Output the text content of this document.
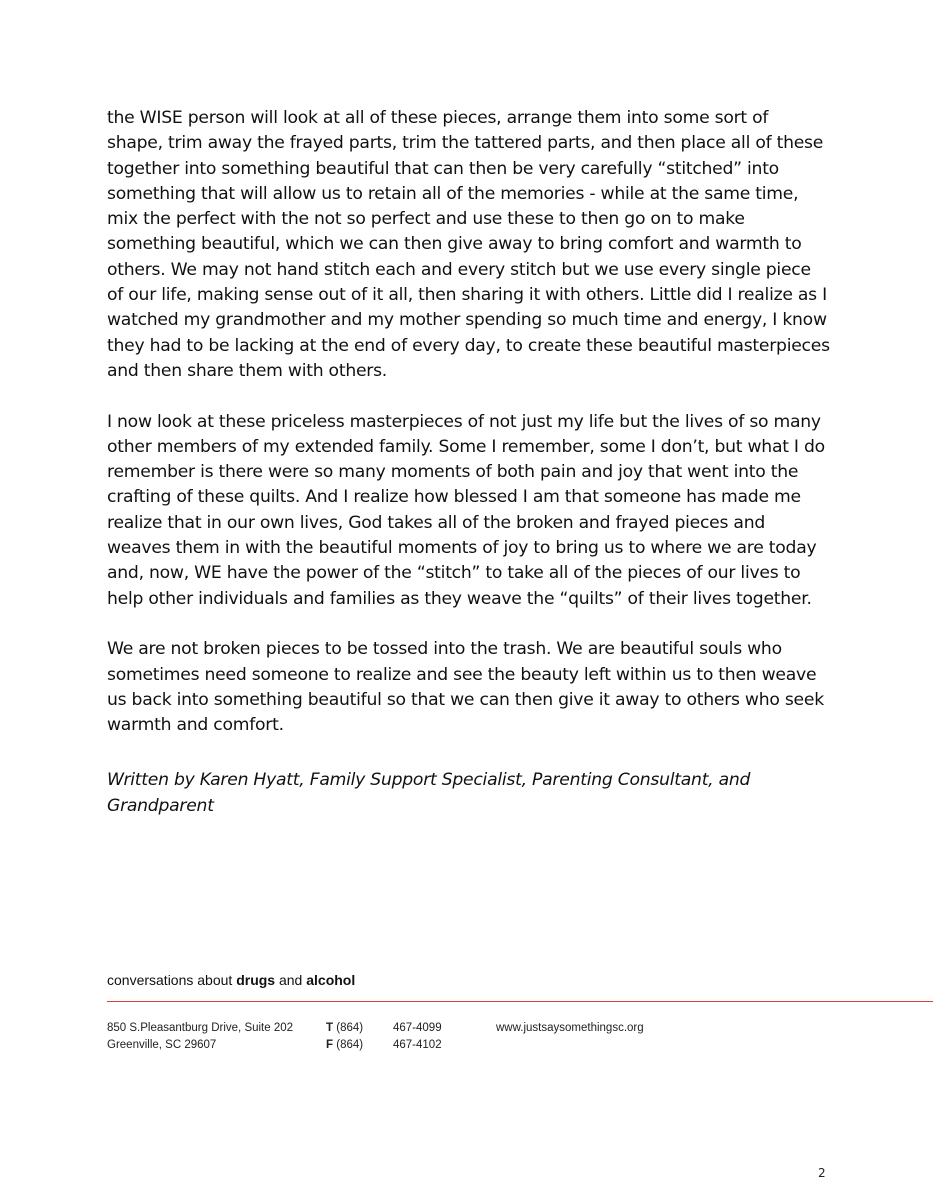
the WISE person will look at all of these pieces, arrange them into some sort of
shape, trim away the frayed parts, trim the tattered parts, and then place all of these
together into something beautiful that can then be very carefully “stitched” into
something that will allow us to retain all of the memories - while at the same time,
mix the perfect with the not so perfect and use these to then go on to make
something beautiful, which we can then give away to bring comfort and warmth to
others. We may not hand stitch each and every stitch but we use every single piece
of our life, making sense out of it all, then sharing it with others. Little did I realize as I
watched my grandmother and my mother spending so much time and energy, I know
they had to be lacking at the end of every day, to create these beautiful masterpieces
and then share them with others.

I now look at these priceless masterpieces of not just my life but the lives of so many
other members of my extended family. Some I remember, some I don’t, but what I do
remember is there were so many moments of both pain and joy that went into the
crafting of these quilts. And I realize how blessed I am that someone has made me
realize that in our own lives, God takes all of the broken and frayed pieces and
weaves them in with the beautiful moments of joy to bring us to where we are today
and, now, WE have the power of the “stitch” to take all of the pieces of our lives to
help other individuals and families as they weave the “quilts” of their lives together.

We are not broken pieces to be tossed into the trash. We are beautiful souls who
sometimes need someone to realize and see the beauty left within us to then weave
us back into something beautiful so that we can then give it away to others who seek
warmth and comfort.

Written by Karen Hyatt, Family Support Specialist, Parenting Consultant, and
Grandparent

conversations about drugs and alcohol
850 S.Pleasantburg Drive, Suite 202
Greenville, SC 29607
T (864)
F (864)
467-4099
467-4102
www.justsaysomethingsc.org
2
